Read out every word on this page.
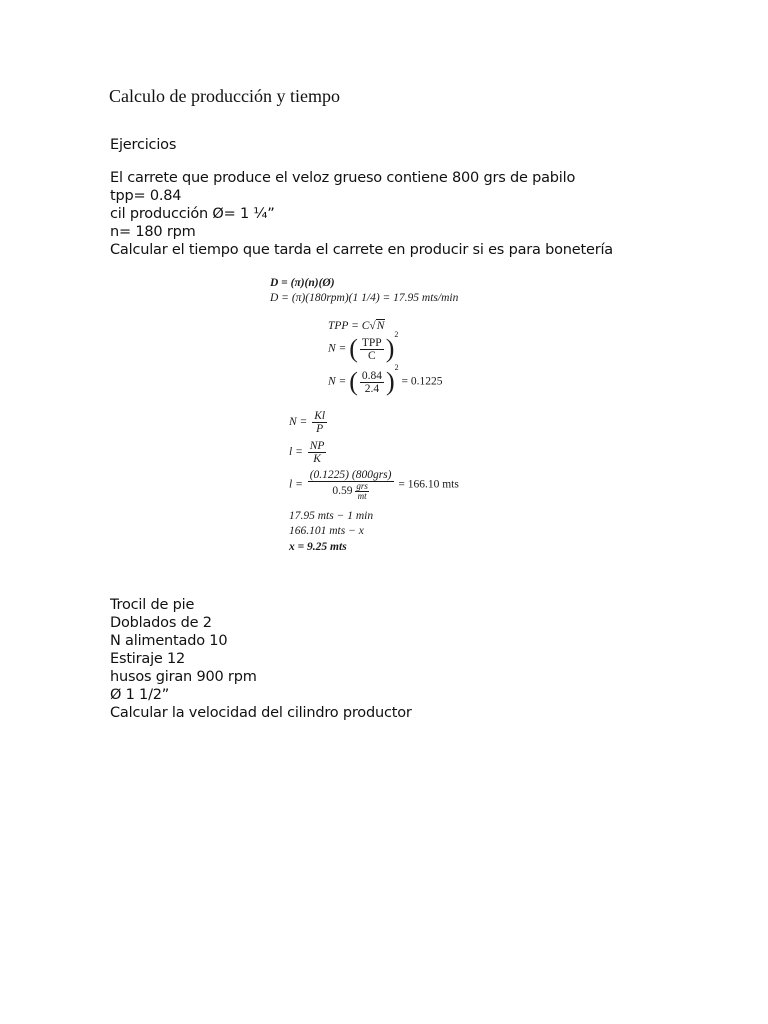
Calculo de producción y tiempo
Ejercicios
El carrete que produce el veloz grueso contiene 800 grs de pabilo
tpp= 0.84
cil producción Ø= 1 ¼”
n= 180 rpm
Calcular el tiempo que tarda el carrete en producir si es para bonetería
D = (π)(n)(Ø)
D = (π)(180rpm)(1 1/4) = 17.95 mts/min
TPP = C√N
N = ( $\frac{\text{TPP}}{C} )^2$
N = ( $\frac{0.84}{2.4} )^2 = 0.1225$
$N = \frac{Kl}{P}$
$l = \frac{NP}{K}$
$l = \frac{\text{(0.1225) (800grs)}}{0.59 \frac{\text{grs}}{mt}} = 166.10$ mts
17.95 mts − 1 min
166.101 mts − x
x = 9.25 mts
Trocil de pie
Doblados de 2
N alimentado 10
Estiraje 12
husos giran 900 rpm
Ø 1 1/2”
Calcular la velocidad del cilindro productor
